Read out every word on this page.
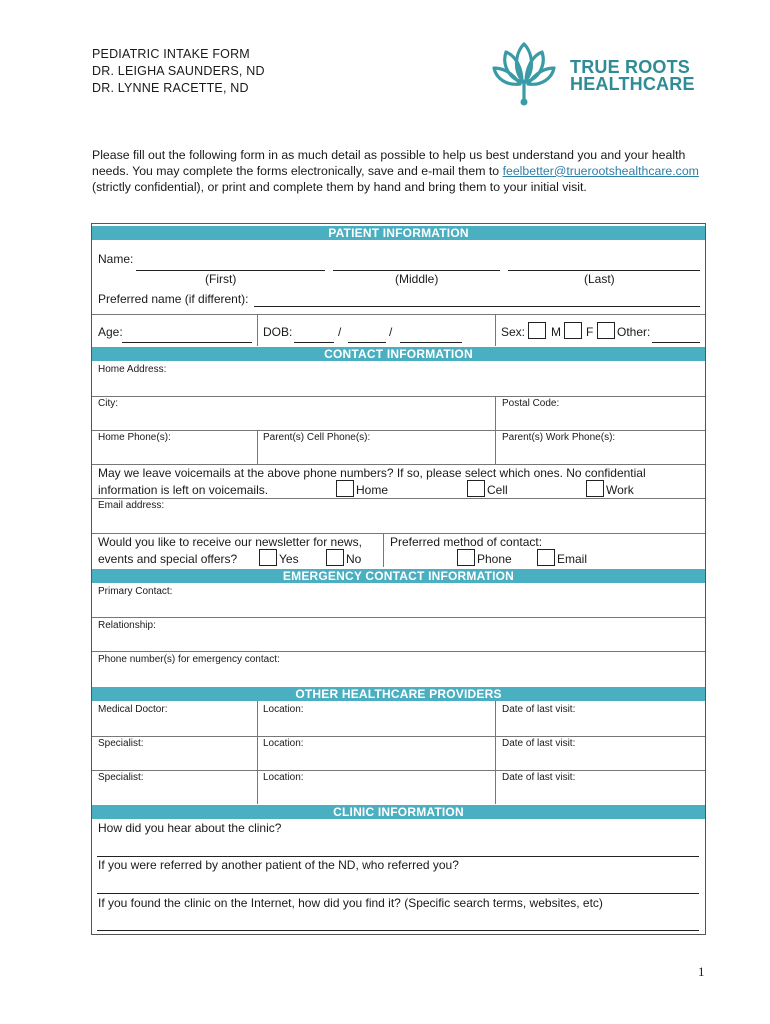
PEDIATRIC INTAKE FORM
DR. LEIGHA SAUNDERS, ND
DR. LYNNE RACETTE, ND
TRUE ROOTS
HEALTHCARE
Please fill out the following form in as much detail as possible to help us best understand you and your health needs. You may complete the forms electronically, save and e-mail them to feelbetter@truerootshealthcare.com (strictly confidential), or print and complete them by hand and bring them to your initial visit.
PATIENT INFORMATION
Name:
(First)	(Middle)	(Last)
Preferred name (if different):
Age:	DOB:	/	/	Sex: M F Other:
CONTACT INFORMATION
Home Address:
City:	Postal Code:
Home Phone(s):	Parent(s) Cell Phone(s):	Parent(s) Work Phone(s):
May we leave voicemails at the above phone numbers? If so, please select which ones. No confidential
information is left on voicemails.	Home	Cell	Work
Email address:
Would you like to receive our newsletter for news,
events and special offers?	Yes	No
Preferred method of contact:
Phone	Email
EMERGENCY CONTACT INFORMATION
Primary Contact:
Relationship:
Phone number(s) for emergency contact:
OTHER HEALTHCARE PROVIDERS
Medical Doctor:	Location:	Date of last visit:
Specialist:	Location:	Date of last visit:
Specialist:	Location:	Date of last visit:
CLINIC INFORMATION
How did you hear about the clinic?
If you were referred by another patient of the ND, who referred you?
If you found the clinic on the Internet, how did you find it? (Specific search terms, websites, etc)
1
